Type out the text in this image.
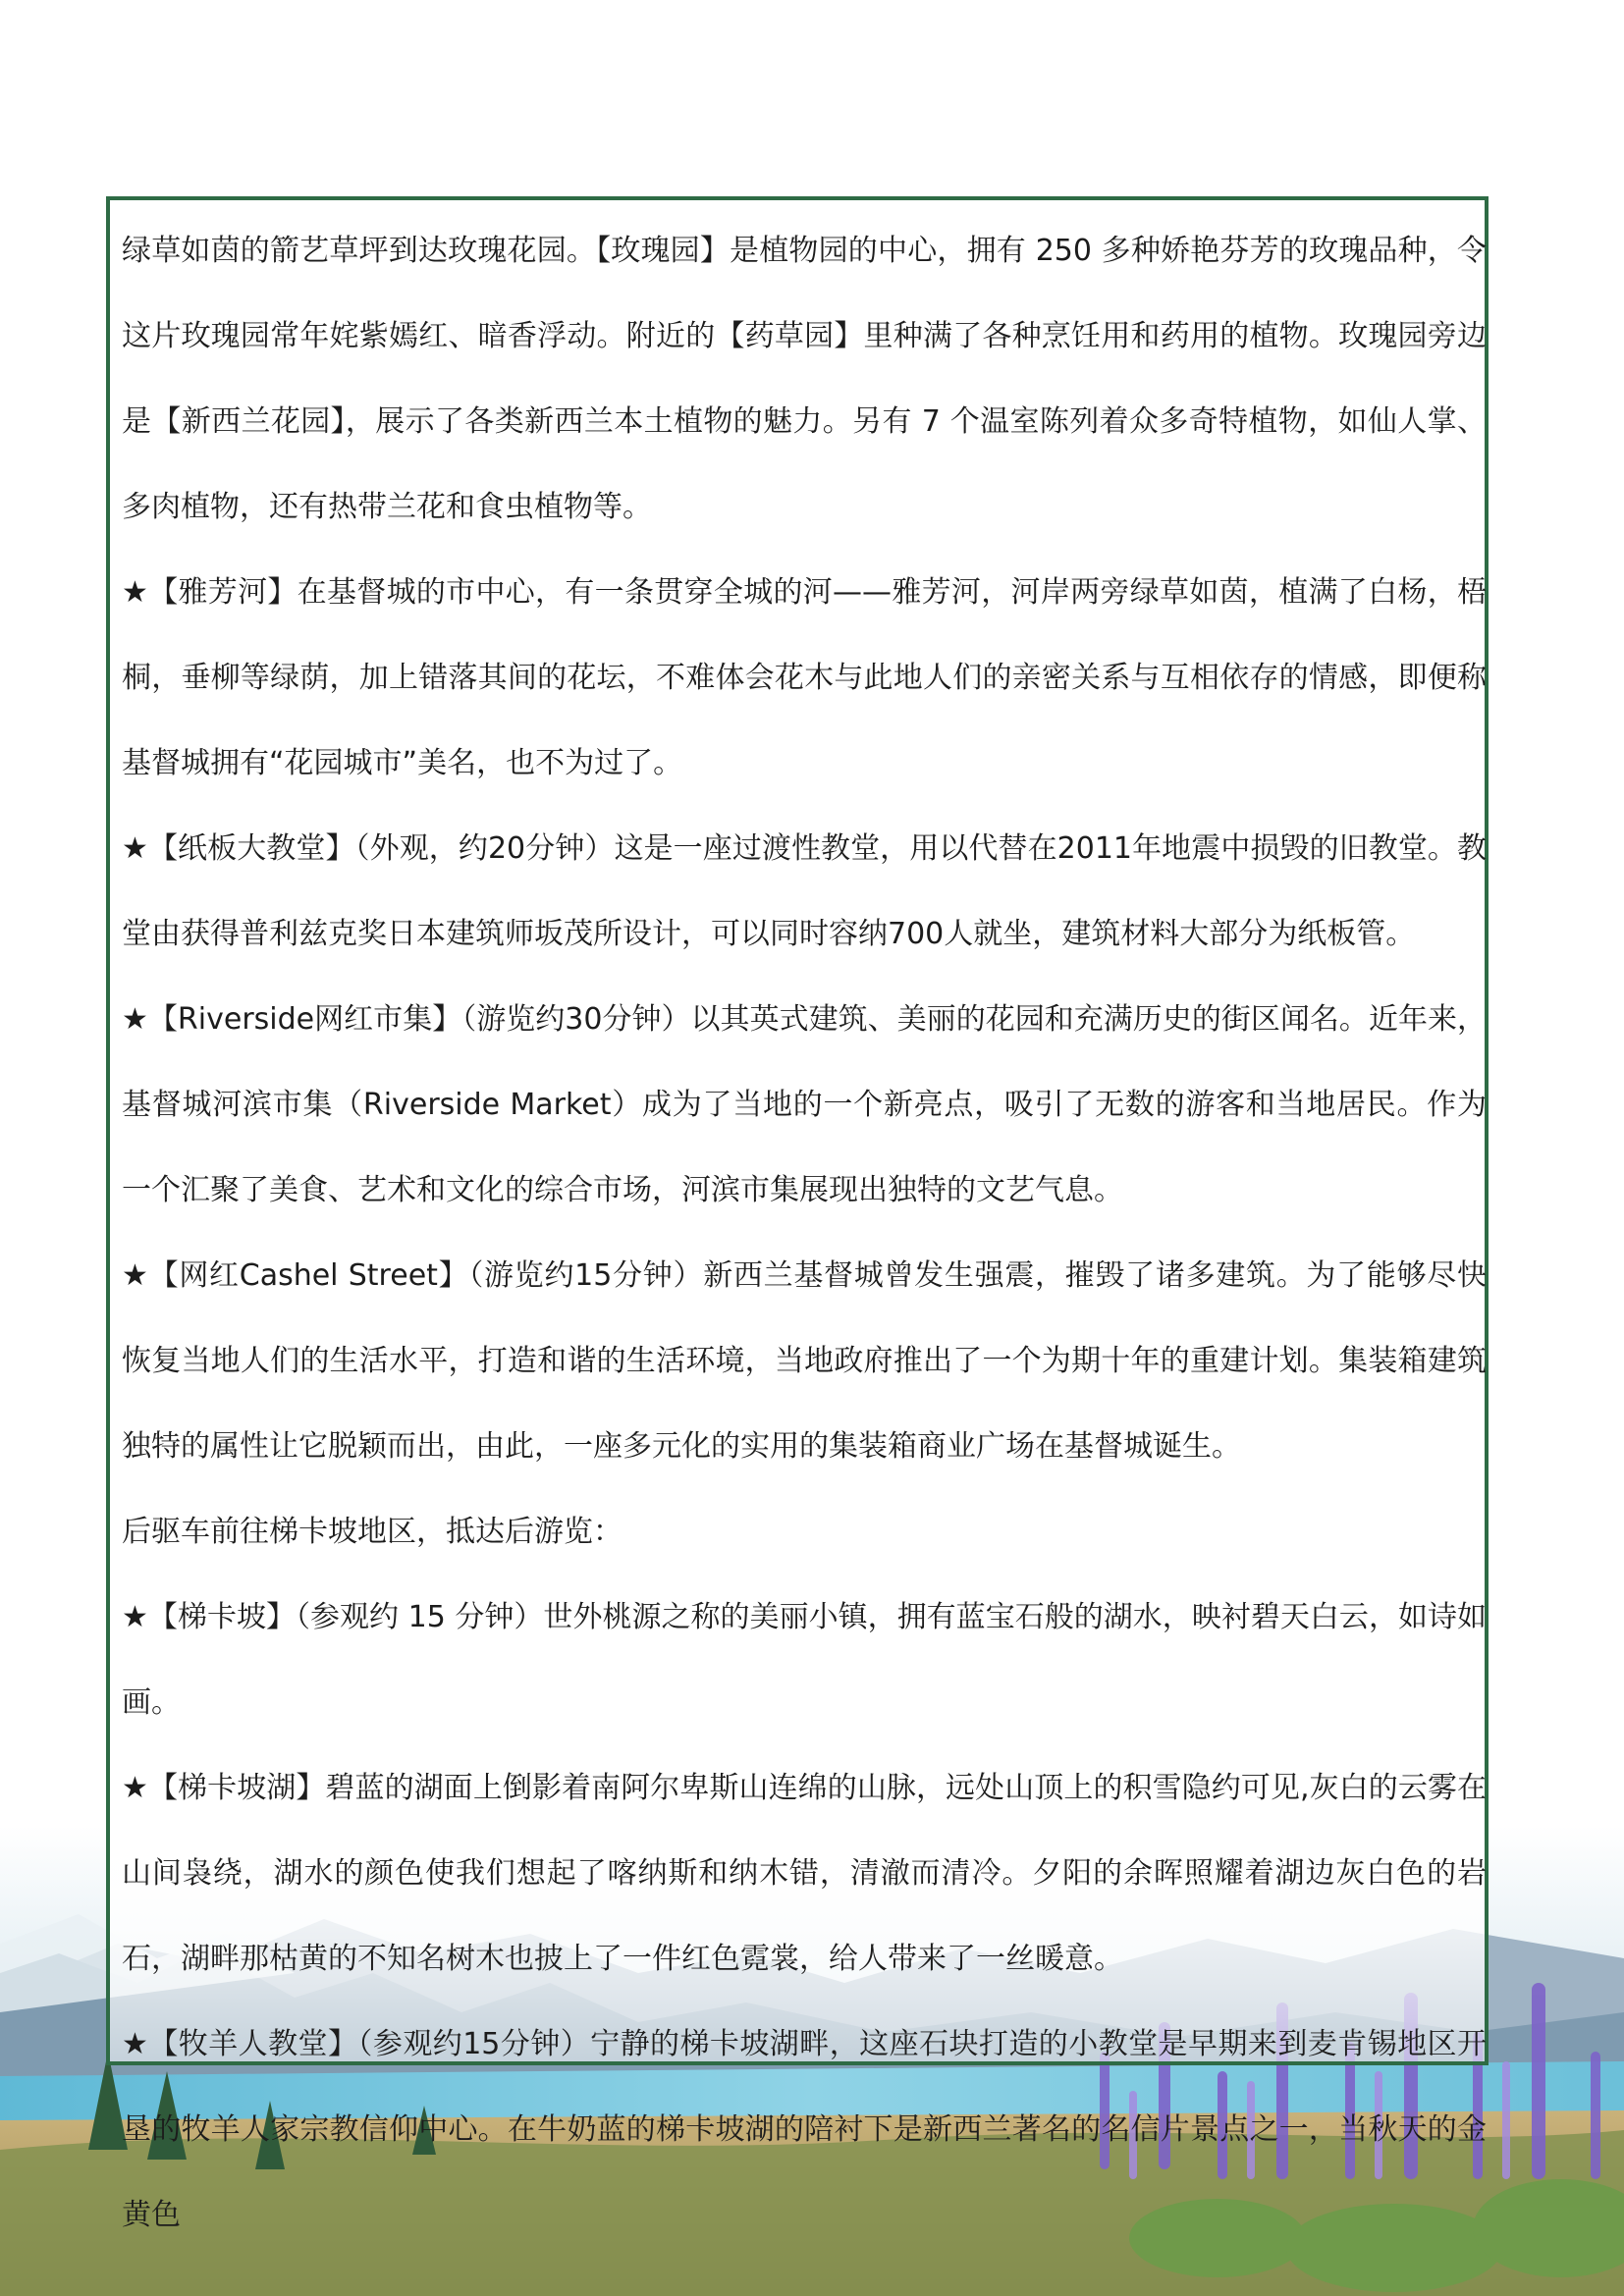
绿草如茵的箭艺草坪到达玫瑰花园。【玫瑰园】是植物园的中心，拥有 250 多种娇艳芬芳的玫瑰品种，令这片玫瑰园常年姹紫嫣红、暗香浮动。附近的【药草园】里种满了各种烹饪用和药用的植物。玫瑰园旁边是【新西兰花园】，展示了各类新西兰本土植物的魅力。另有 7 个温室陈列着众多奇特植物，如仙人掌、多肉植物，还有热带兰花和食虫植物等。

★【雅芳河】在基督城的市中心，有一条贯穿全城的河——雅芳河，河岸两旁绿草如茵，植满了白杨，梧桐，垂柳等绿荫，加上错落其间的花坛，不难体会花木与此地人们的亲密关系与互相依存的情感，即便称基督城拥有“花园城市”美名，也不为过了。

★【纸板大教堂】（外观，约20分钟）这是一座过渡性教堂，用以代替在2011年地震中损毁的旧教堂。教堂由获得普利兹克奖日本建筑师坂茂所设计，可以同时容纳700人就坐，建筑材料大部分为纸板管。

★【Riverside网红市集】（游览约30分钟）以其英式建筑、美丽的花园和充满历史的街区闻名。近年来，基督城河滨市集（Riverside Market）成为了当地的一个新亮点，吸引了无数的游客和当地居民。作为一个汇聚了美食、艺术和文化的综合市场，河滨市集展现出独特的文艺气息。

★【网红Cashel Street】（游览约15分钟）新西兰基督城曾发生强震，摧毁了诸多建筑。为了能够尽快恢复当地人们的生活水平，打造和谐的生活环境，当地政府推出了一个为期十年的重建计划。集装箱建筑独特的属性让它脱颖而出，由此，一座多元化的实用的集装箱商业广场在基督城诞生。

后驱车前往梯卡坡地区，抵达后游览：

★【梯卡坡】（参观约 15 分钟）世外桃源之称的美丽小镇，拥有蓝宝石般的湖水，映衬碧天白云，如诗如画。

★【梯卡坡湖】碧蓝的湖面上倒影着南阿尔卑斯山连绵的山脉，远处山顶上的积雪隐约可见,灰白的云雾在山间袅绕，湖水的颜色使我们想起了喀纳斯和纳木错，清澈而清冷。夕阳的余晖照耀着湖边灰白色的岩石，湖畔那枯黄的不知名树木也披上了一件红色霓裳，给人带来了一丝暖意。

★【牧羊人教堂】（参观约15分钟）宁静的梯卡坡湖畔，这座石块打造的小教堂是早期来到麦肯锡地区开垦的牧羊人家宗教信仰中心。在牛奶蓝的梯卡坡湖的陪衬下是新西兰著名的名信片景点之一，当秋天的金黄色
